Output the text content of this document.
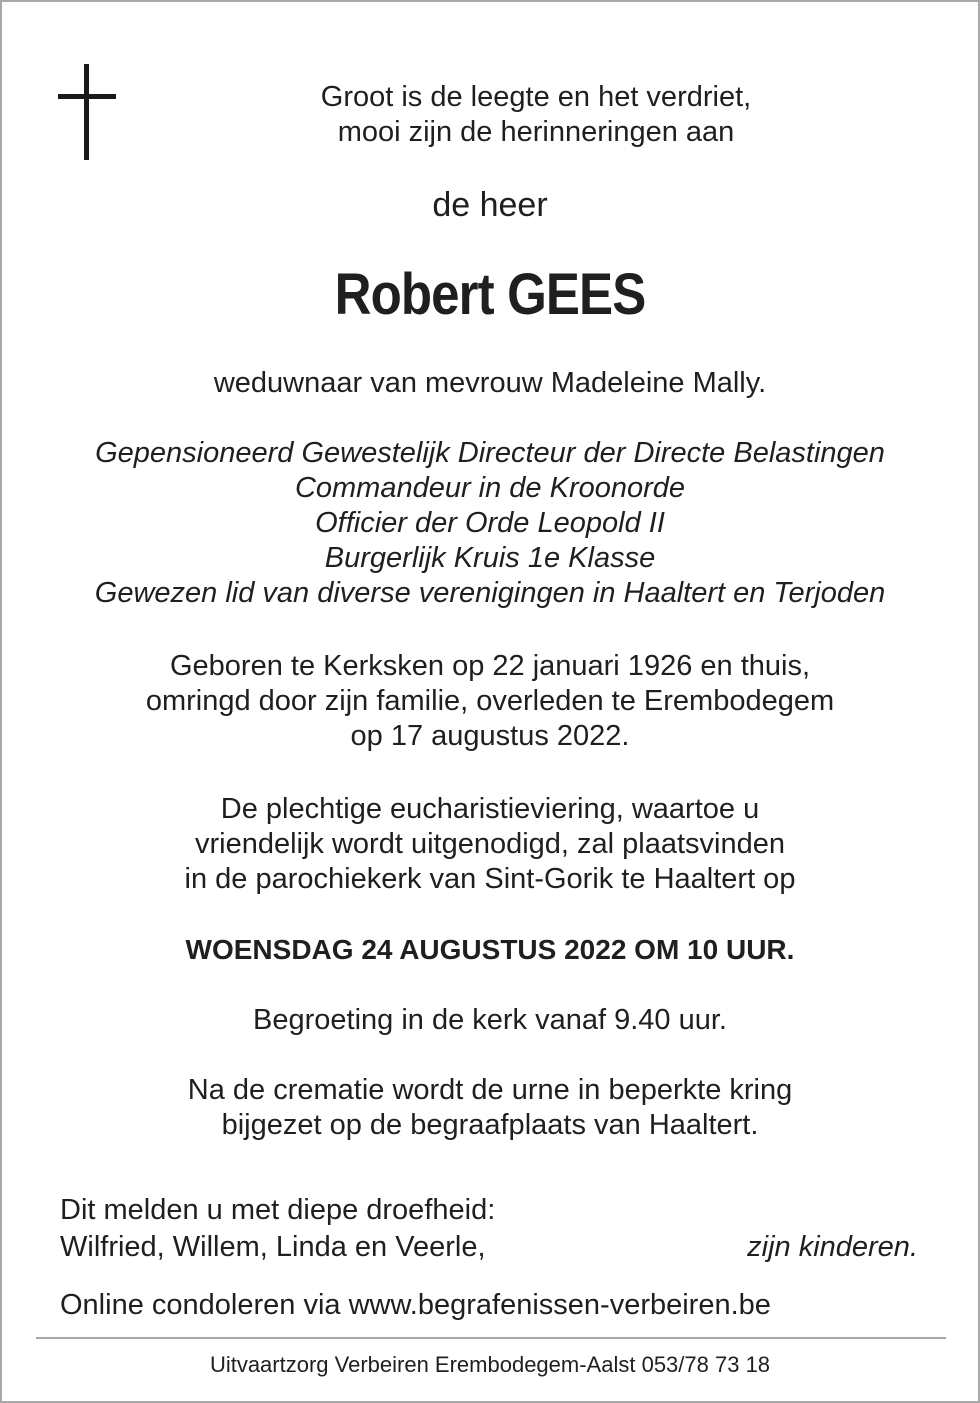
Groot is de leegte en het verdriet,
mooi zijn de herinneringen aan
de heer
Robert GEES
weduwnaar van mevrouw Madeleine Mally.
Gepensioneerd Gewestelijk Directeur der Directe Belastingen
Commandeur in de Kroonorde
Officier der Orde Leopold II
Burgerlijk Kruis 1e Klasse
Gewezen lid van diverse verenigingen in Haaltert en Terjoden
Geboren te Kerksken op 22 januari 1926 en thuis,
omringd door zijn familie, overleden te Erembodegem
op 17 augustus 2022.
De plechtige eucharistieviering, waartoe u
vriendelijk wordt uitgenodigd, zal plaatsvinden
in de parochiekerk van Sint-Gorik te Haaltert op
WOENSDAG 24 AUGUSTUS 2022 OM 10 UUR.
Begroeting in de kerk vanaf 9.40 uur.
Na de crematie wordt de urne in beperkte kring
bijgezet op de begraafplaats van Haaltert.
Dit melden u met diepe droefheid:
Wilfried, Willem, Linda en Veerle,	zijn kinderen.
Online condoleren via www.begrafenissen-verbeiren.be
Uitvaartzorg Verbeiren Erembodegem-Aalst 053/78 73 18
